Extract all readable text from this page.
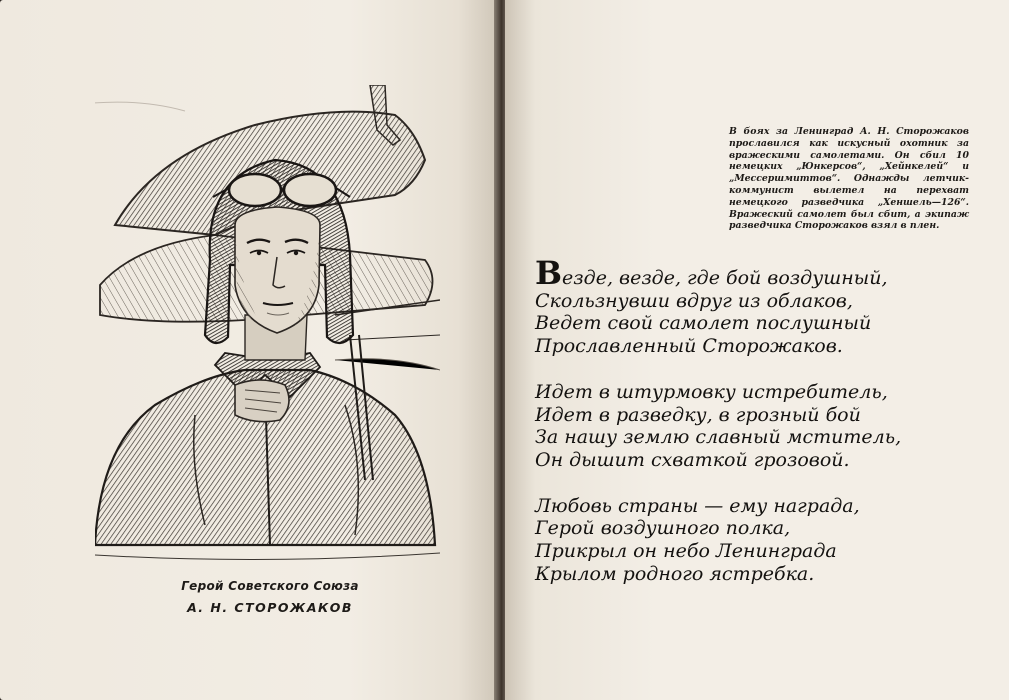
Герой Советского Союза
А. Н. СТОРОЖАКОВ
В боях за Ленинград А. Н. Сторожаков прославился как искусный охотник за вражескими самолетами. Он сбил 10 немецких „Юнкерсов“, „Хейнкелей“ и „Мессершмиттов“. Однажды летчик-коммунист вылетел на перехват немецкого разведчика „Хеншель—126“. Вражеский самолет был сбит, а экипаж разведчика Сторожаков взял в плен.

Везде, везде, где бой воздушный,

Скользнувши вдруг из облаков,

Ведет свой самолет послушный

Прославленный Сторожаков.

Идет в штурмовку истребитель,

Идет в разведку, в грозный бой

За нашу землю славный мститель,

Он дышит схваткой грозовой.

Любовь страны — ему награда,

Герой воздушного полка,

Прикрыл он небо Ленинграда

Крылом родного ястребка.
